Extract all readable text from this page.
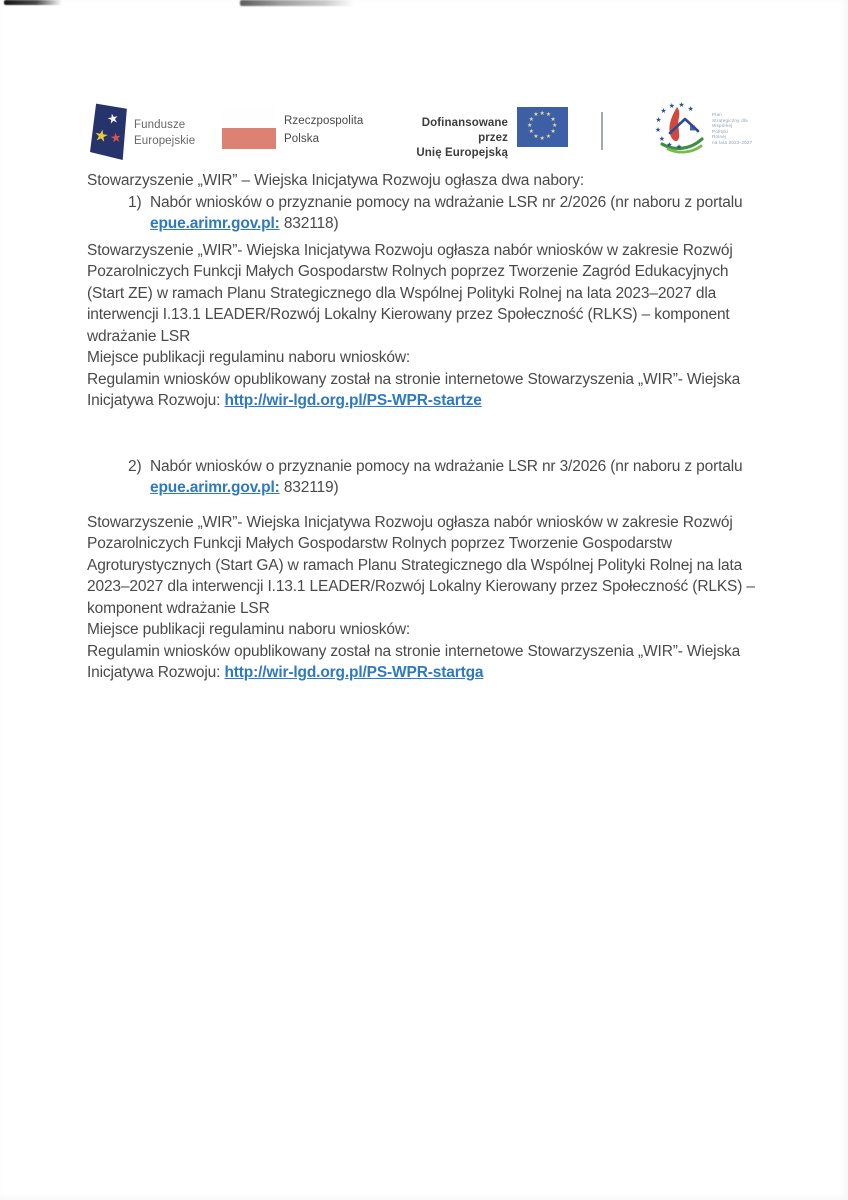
★
★ ★
Fundusze
Europejskie
Rzeczpospolita
Polska
Dofinansowane przez
Unię Europejską
★ ★
★
★
★
★
★
★
★
★
★
★
★
★
★
★
★
★
★
★ ★
Plan
Strategiczny dla
Wspólnej
Polityki
Rolnej
na lata 2023-2027

Stowarzyszenie „WIR” – Wiejska Inicjatywa Rozwoju ogłasza dwa nabory:

1) Nabór wniosków o przyznanie pomocy na wdrażanie LSR nr 2/2026 (nr naboru z portalu epue.arimr.gov.pl: 832118)

Stowarzyszenie „WIR”- Wiejska Inicjatywa Rozwoju ogłasza nabór wniosków w zakresie Rozwój Pozarolniczych Funkcji Małych Gospodarstw Rolnych poprzez Tworzenie Zagród Edukacyjnych (Start ZE) w ramach Planu Strategicznego dla Wspólnej Polityki Rolnej na lata 2023–2027 dla interwencji I.13.1 LEADER/Rozwój Lokalny Kierowany przez Społeczność (RLKS) – komponent wdrażanie LSR

Miejsce publikacji regulaminu naboru wniosków:

Regulamin wniosków opublikowany został na stronie internetowe Stowarzyszenia „WIR”- Wiejska Inicjatywa Rozwoju: http://wir-lgd.org.pl/PS-WPR-startze

2) Nabór wniosków o przyznanie pomocy na wdrażanie LSR nr 3/2026 (nr naboru z portalu epue.arimr.gov.pl: 832119)

Stowarzyszenie „WIR”- Wiejska Inicjatywa Rozwoju ogłasza nabór wniosków w zakresie Rozwój Pozarolniczych Funkcji Małych Gospodarstw Rolnych poprzez Tworzenie Gospodarstw Agroturystycznych (Start GA) w ramach Planu Strategicznego dla Wspólnej Polityki Rolnej na lata 2023–2027 dla interwencji I.13.1 LEADER/Rozwój Lokalny Kierowany przez Społeczność (RLKS) – komponent wdrażanie LSR

Miejsce publikacji regulaminu naboru wniosków:

Regulamin wniosków opublikowany został na stronie internetowe Stowarzyszenia „WIR”- Wiejska Inicjatywa Rozwoju: http://wir-lgd.org.pl/PS-WPR-startga
